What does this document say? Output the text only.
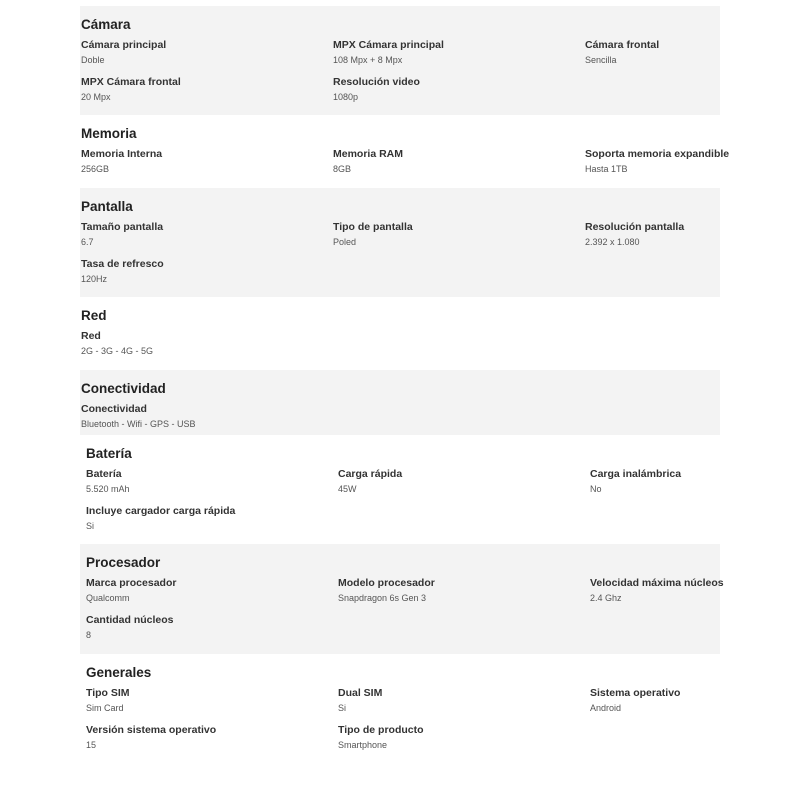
Cámara
Cámara principal
Doble
MPX Cámara principal
108 Mpx + 8 Mpx
Cámara frontal
Sencilla
MPX Cámara frontal
20 Mpx
Resolución video
1080p
Memoria
Memoria Interna
256GB
Memoria RAM
8GB
Soporta memoria expandible
Hasta 1TB
Pantalla
Tamaño pantalla
6.7
Tipo de pantalla
Poled
Resolución pantalla
2.392 x 1.080
Tasa de refresco
120Hz
Red
Red
2G - 3G - 4G - 5G
Conectividad
Conectividad
Bluetooth - Wifi - GPS - USB
Batería
Batería
5.520 mAh
Carga rápida
45W
Carga inalámbrica
No
Incluye cargador carga rápida
Si
Procesador
Marca procesador
Qualcomm
Modelo procesador
Snapdragon 6s Gen 3
Velocidad máxima núcleos
2.4 Ghz
Cantidad núcleos
8
Generales
Tipo SIM
Sim Card
Dual SIM
Si
Sistema operativo
Android
Versión sistema operativo
15
Tipo de producto
Smartphone
